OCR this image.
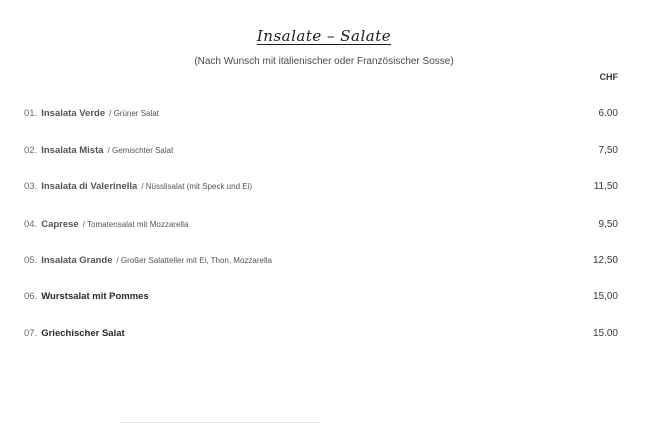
Insalate – Salate
(Nach Wunsch mit italienischer oder Französischer Sosse)
CHF
01. Insalata Verde / Grüner Salat	6.00
02. Insalata Mista / Gemischter Salat	7,50
03. Insalata di Valerinella / Nüsslisalat (mit Speck und Ei)	11,50
04. Caprese / Tomatensalat mit Mozzarella	9,50
05. Insalata Grande / Großer Salatteller mit Ei, Thon, Mozzarella	12,50
06. Wurstsalat mit Pommes	15,00
07. Griechischer Salat	15.00
